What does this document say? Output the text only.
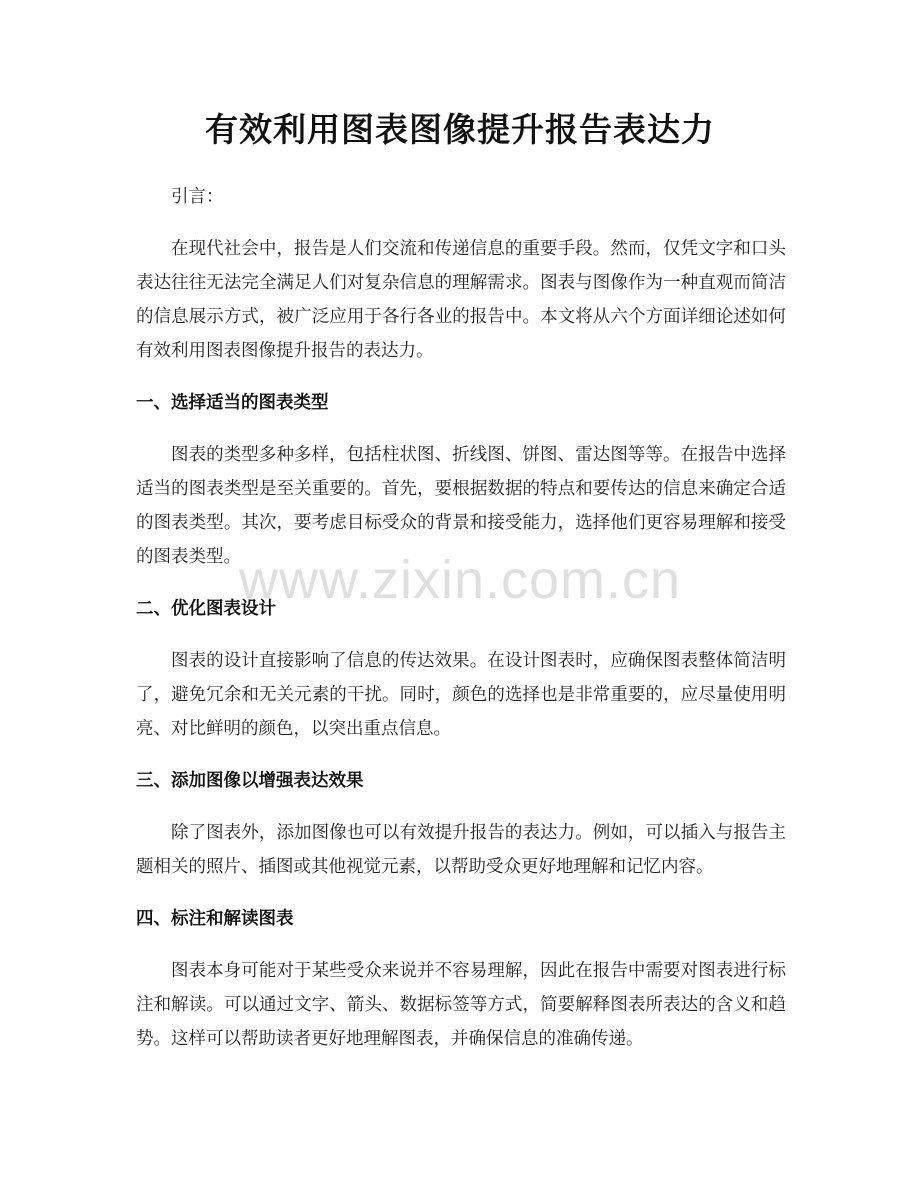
有效利用图表图像提升报告表达力

引言：

在现代社会中，报告是人们交流和传递信息的重要手段。然而，仅凭文字和口头表达往往无法完全满足人们对复杂信息的理解需求。图表与图像作为一种直观而简洁的信息展示方式，被广泛应用于各行各业的报告中。本文将从六个方面详细论述如何有效利用图表图像提升报告的表达力。

一、选择适当的图表类型

图表的类型多种多样，包括柱状图、折线图、饼图、雷达图等等。在报告中选择适当的图表类型是至关重要的。首先，要根据数据的特点和要传达的信息来确定合适的图表类型。其次，要考虑目标受众的背景和接受能力，选择他们更容易理解和接受的图表类型。

二、优化图表设计

图表的设计直接影响了信息的传达效果。在设计图表时，应确保图表整体简洁明了，避免冗余和无关元素的干扰。同时，颜色的选择也是非常重要的，应尽量使用明亮、对比鲜明的颜色，以突出重点信息。

三、添加图像以增强表达效果

除了图表外，添加图像也可以有效提升报告的表达力。例如，可以插入与报告主题相关的照片、插图或其他视觉元素，以帮助受众更好地理解和记忆内容。

四、标注和解读图表

图表本身可能对于某些受众来说并不容易理解，因此在报告中需要对图表进行标注和解读。可以通过文字、箭头、数据标签等方式，简要解释图表所表达的含义和趋势。这样可以帮助读者更好地理解图表，并确保信息的准确传递。

www.zixin.com.cn
